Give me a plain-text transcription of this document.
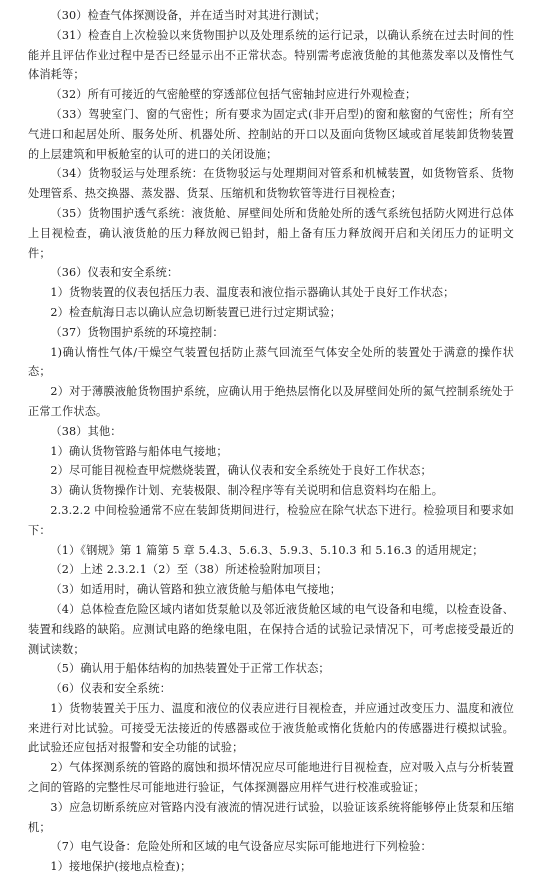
（30）检查气体探测设备，并在适当时对其进行测试；

（31）检查自上次检验以来货物围护以及处理系统的运行记录，以确认系统在过去时间的性能并且评估作业过程中是否已经显示出不正常状态。特别需考虑液货舱的其他蒸发率以及惰性气体消耗等；

（32）所有可接近的气密舱壁的穿透部位包括气密轴封应进行外观检查；

（33）驾驶室门、窗的气密性；所有要求为固定式(非开启型)的窗和舷窗的气密性；所有空气进口和起居处所、服务处所、机器处所、控制站的开口以及面向货物区域或首尾装卸货物装置的上层建筑和甲板舱室的认可的进口的关闭设施；

（34）货物驳运与处理系统：在货物驳运与处理期间对管系和机械装置，如货物管系、货物处理管系、热交换器、蒸发器、货泵、压缩机和货物软管等进行目视检查；

（35）货物围护透气系统：液货舱、屏壁间处所和货舱处所的透气系统包括防火网进行总体上目视检查，确认液货舱的压力释放阀已铅封，船上备有压力释放阀开启和关闭压力的证明文件；

（36）仪表和安全系统：

1）货物装置的仪表包括压力表、温度表和液位指示器确认其处于良好工作状态；

2）检查航海日志以确认应急切断装置已进行过定期试验；

（37）货物围护系统的环境控制：

1)确认惰性气体/干燥空气装置包括防止蒸气回流至气体安全处所的装置处于满意的操作状态；

2）对于薄膜液舱货物围护系统，应确认用于绝热层惰化以及屏壁间处所的氮气控制系统处于正常工作状态。

（38）其他：

1）确认货物管路与船体电气接地；

2）尽可能目视检查甲烷燃烧装置，确认仪表和安全系统处于良好工作状态；

3）确认货物操作计划、充装极限、制冷程序等有关说明和信息资料均在船上。

2.3.2.2 中间检验通常不应在装卸货期间进行，检验应在除气状态下进行。检验项目和要求如下：

（1）《钢规》第 1 篇第 5 章 5.4.3、5.6.3、5.9.3、5.10.3 和 5.16.3 的适用规定；

（2）上述 2.3.2.1（2）至（38）所述检验附加项目；

（3）如适用时，确认管路和独立液货舱与船体电气接地；

（4）总体检查危险区域内诸如货泵舱以及邻近液货舱区域的电气设备和电缆，以检查设备、装置和线路的缺陷。应测试电路的绝缘电阻，在保持合适的试验记录情况下，可考虑接受最近的测试读数；

（5）确认用于船体结构的加热装置处于正常工作状态；

（6）仪表和安全系统：

1）货物装置关于压力、温度和液位的仪表应进行目视检查，并应通过改变压力、温度和液位来进行对比试验。可接受无法接近的传感器或位于液货舱或惰化货舱内的传感器进行模拟试验。此试验还应包括对报警和安全功能的试验；

2）气体探测系统的管路的腐蚀和损坏情况应尽可能地进行目视检查，应对吸入点与分析装置之间的管路的完整性尽可能地进行验证，气体探测器应用样气进行校准或验证；

3）应急切断系统应对管路内没有液流的情况进行试验，以验证该系统将能够停止货泵和压缩机；

（7）电气设备：危险处所和区域的电气设备应尽实际可能地进行下列检验：

1）接地保护(接地点检查)；
